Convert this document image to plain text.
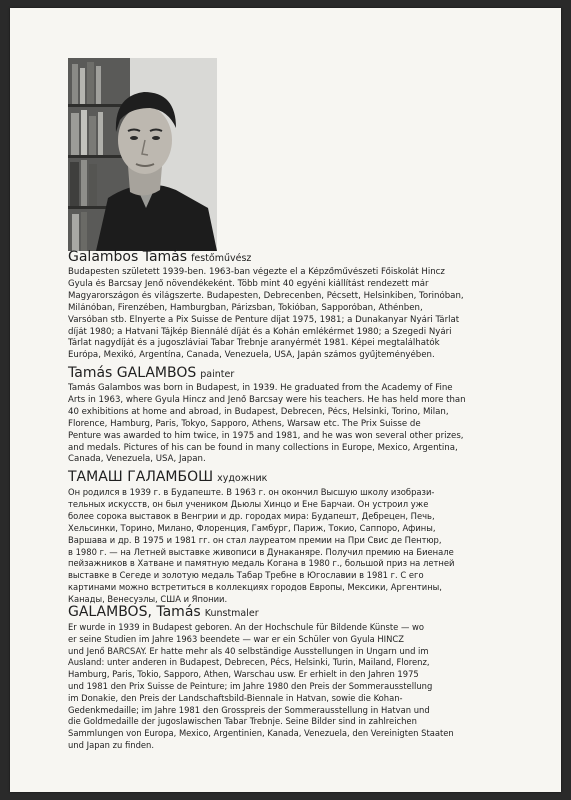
Galambos Tamás festőművész

Budapesten született 1939-ben. 1963-ban végezte el a Képzőművészeti Főiskolát Hincz
Gyula és Barcsay Jenő növendékeként. Több mint 40 egyéni kiállítást rendezett már
Magyarországon és világszerte. Budapesten, Debrecenben, Pécsett, Helsinkiben, Torinóban,
Milánóban, Firenzében, Hamburgban, Párizsban, Tokióban, Sapporóban, Athénben,
Varsóban stb. Elnyerte a Pix Suisse de Penture díjat 1975, 1981; a Dunakanyar Nyári Tárlat
díját 1980; a Hatvani Tájkép Biennálé díját és a Kohán emlékérmet 1980; a Szegedi Nyári
Tárlat nagydíját és a jugoszláviai Tabar Trebnje aranyérmét 1981. Képei megtalálhatók
Európa, Mexikó, Argentína, Canada, Venezuela, USA, Japán számos gyűjteményében.

Tamás GALAMBOS painter

Tamás Galambos was born in Budapest, in 1939. He graduated from the Academy of Fine
Arts in 1963, where Gyula Hincz and Jenő Barcsay were his teachers. He has held more than
40 exhibitions at home and abroad, in Budapest, Debrecen, Pécs, Helsinki, Torino, Milan,
Florence, Hamburg, Paris, Tokyo, Sapporo, Athens, Warsaw etc. The Prix Suisse de
Penture was awarded to him twice, in 1975 and 1981, and he was won several other prizes,
and medals. Pictures of his can be found in many collections in Europe, Mexico, Argentina,
Canada, Venezuela, USA, Japan.

ТАМАШ ГАЛАМБОШ художник

Он родился в 1939 г. в Будапеште. В 1963 г. он окончил Высшую школу изобрази-
тельных искусств, он был учеником Дьюлы Хинцо и Ене Барчаи. Он устроил уже
более сорока выставок в Венгрии и др. городах мира: Будапешт, Дебрецен, Печь,
Хельсинки, Торино, Милано, Флоренция, Гамбург, Париж, Токио, Саппоро, Афины,
Варшава и др. В 1975 и 1981 гг. он стал лауреатом премии на При Свис де Пентюр,
в 1980 г. — на Летней выставке живописи в Дунаканяре. Получил премию на Биенале
пейзажников в Хатване и памятную медаль Когана в 1980 г., большой приз на летней
выставке в Сегеде и золотую медаль Табар Требне в Югославии в 1981 г. С его
картинами можно встретиться в коллекциях городов Европы, Мексики, Аргентины,
Канады, Венесуэлы, США и Японии.

GALAMBOS, Tamás Kunstmaler

Er wurde in 1939 in Budapest geboren. An der Hochschule für Bildende Künste — wo
er seine Studien im Jahre 1963 beendete — war er ein Schüler von Gyula HINCZ
und Jenő BARCSAY. Er hatte mehr als 40 selbständige Ausstellungen in Ungarn und im
Ausland: unter anderen in Budapest, Debrecen, Pécs, Helsinki, Turin, Mailand, Florenz,
Hamburg, Paris, Tokio, Sapporo, Athen, Warschau usw. Er erhielt in den Jahren 1975
und 1981 den Prix Suisse de Peinture; im Jahre 1980 den Preis der Sommerausstellung
im Donakie, den Preis der Landschaftsbild-Biennale in Hatvan, sowie die Kohan-
Gedenkmedaille; im Jahre 1981 den Grosspreis der Sommerausstellung in Hatvan und
die Goldmedaille der jugoslawischen Tabar Trebnje. Seine Bilder sind in zahlreichen
Sammlungen von Europa, Mexico, Argentinien, Kanada, Venezuela, den Vereinigten Staaten
und Japan zu finden.
